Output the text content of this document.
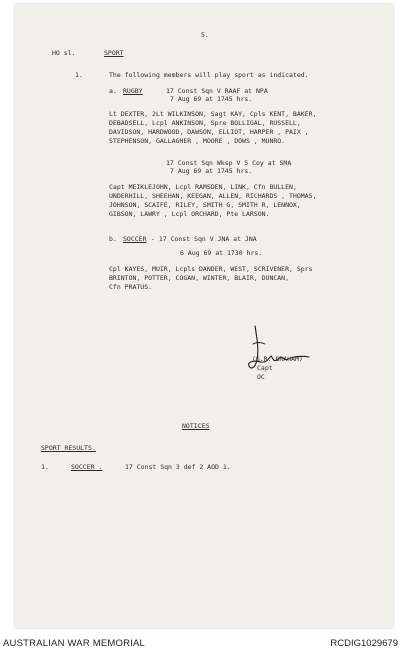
5.
HO sl.	SPORT
1.	The following members will play sport as indicated.
a. RUGBY	17 Const Sqn V RAAF at NPA
7 Aug 69 at 1745 hrs.
Lt DEXTER, 2Lt WILKINSON, Sagt KAY, Cpls KENT, BAKER,
DEBADSELL, Lcpl ANKINSON, Spre BOLLIGAL, RUSSELL,
DAVIDSON, HARDWOOD, DAWSON, ELLIOT, HARPER , PAIX ,
STEPHENSON, GALLAGHER , MOORE , DOWS , MUNRO.
17 Const Sqn Wksp V 5 Coy at SMA
7 Aug 69 at 1745 hrs.
Capt MEIKLEJOHN, Lcpl RAMSDEN, LINK, Cfn BULLEN,
UNDERHILL, SHEEHAN, KEEGAN, ALLEN, RICHARDS , THOMAS,
JOHNSON, SCAIFE, RILEY, SMITH G, SMITH R, LENNOX,
GIBSON, LAWRY , Lcpl ORCHARD, Pte LARSON.
b. SOCCER - 17 Const Sqn V JNA at JNA
6 Aug 69 at 1730 hrs.
Cpl KAYES, MUIR, Lcpls DANDER, WEST, SCRIVENER, Sprs
BRINTON, POTTER, COGAN, WINTER, BLAIR, DUNCAN,
Cfn PRATUS.
(G.R. GRAHAM)
Capt
OC
NOTICES
SPORT RESULTS.
1.	SOCCER .	17 Const Sqn 3 def 2 AOD 1.
AUSTRALIAN WAR MEMORIAL	RCDIG1029679
